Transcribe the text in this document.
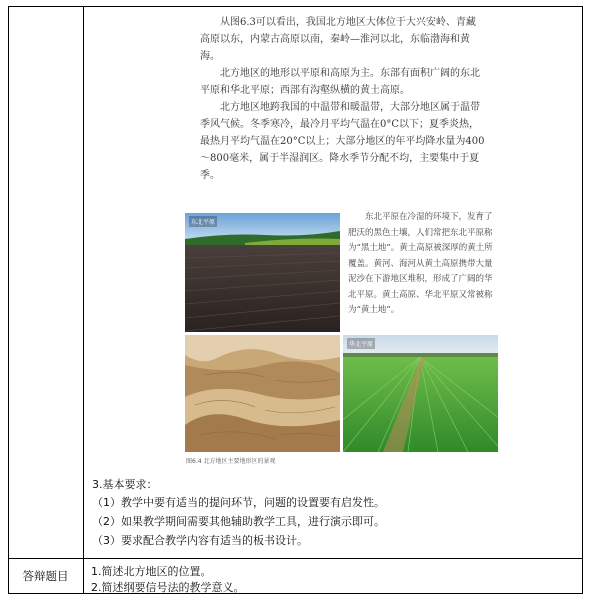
从图6.3可以看出，我国北方地区大体位于大兴安岭、青藏高原以东，内蒙古高原以南，秦岭—淮河以北，东临渤海和黄海。

北方地区的地形以平原和高原为主。东部有面积广阔的东北平原和华北平原；西部有沟壑纵横的黄土高原。

北方地区地跨我国的中温带和暖温带，大部分地区属于温带季风气候。冬季寒冷，最冷月平均气温在0°C以下；夏季炎热，最热月平均气温在20°C以上；大部分地区的年平均降水量为400～800毫米，属于半湿润区。降水季节分配不均，主要集中于夏季。

东北平原

东北平原在冷湿的环境下，发育了肥沃的黑色土壤，人们常把东北平原称为“黑土地”。黄土高原被深厚的黄土所覆盖。黄河、海河从黄土高原携带大量泥沙在下游地区堆积，形成了广阔的华北平原。黄土高原、华北平原又常被称为“黄土地”。

华北平原
图6.4 北方地区主要地形区的景观
3.基本要求：
（1）教学中要有适当的提问环节，问题的设置要有启发性。
（2）如果教学期间需要其他辅助教学工具，进行演示即可。
（3）要求配合教学内容有适当的板书设计。
答辩题目	1.简述北方地区的位置。
2.简述纲要信号法的教学意义。
